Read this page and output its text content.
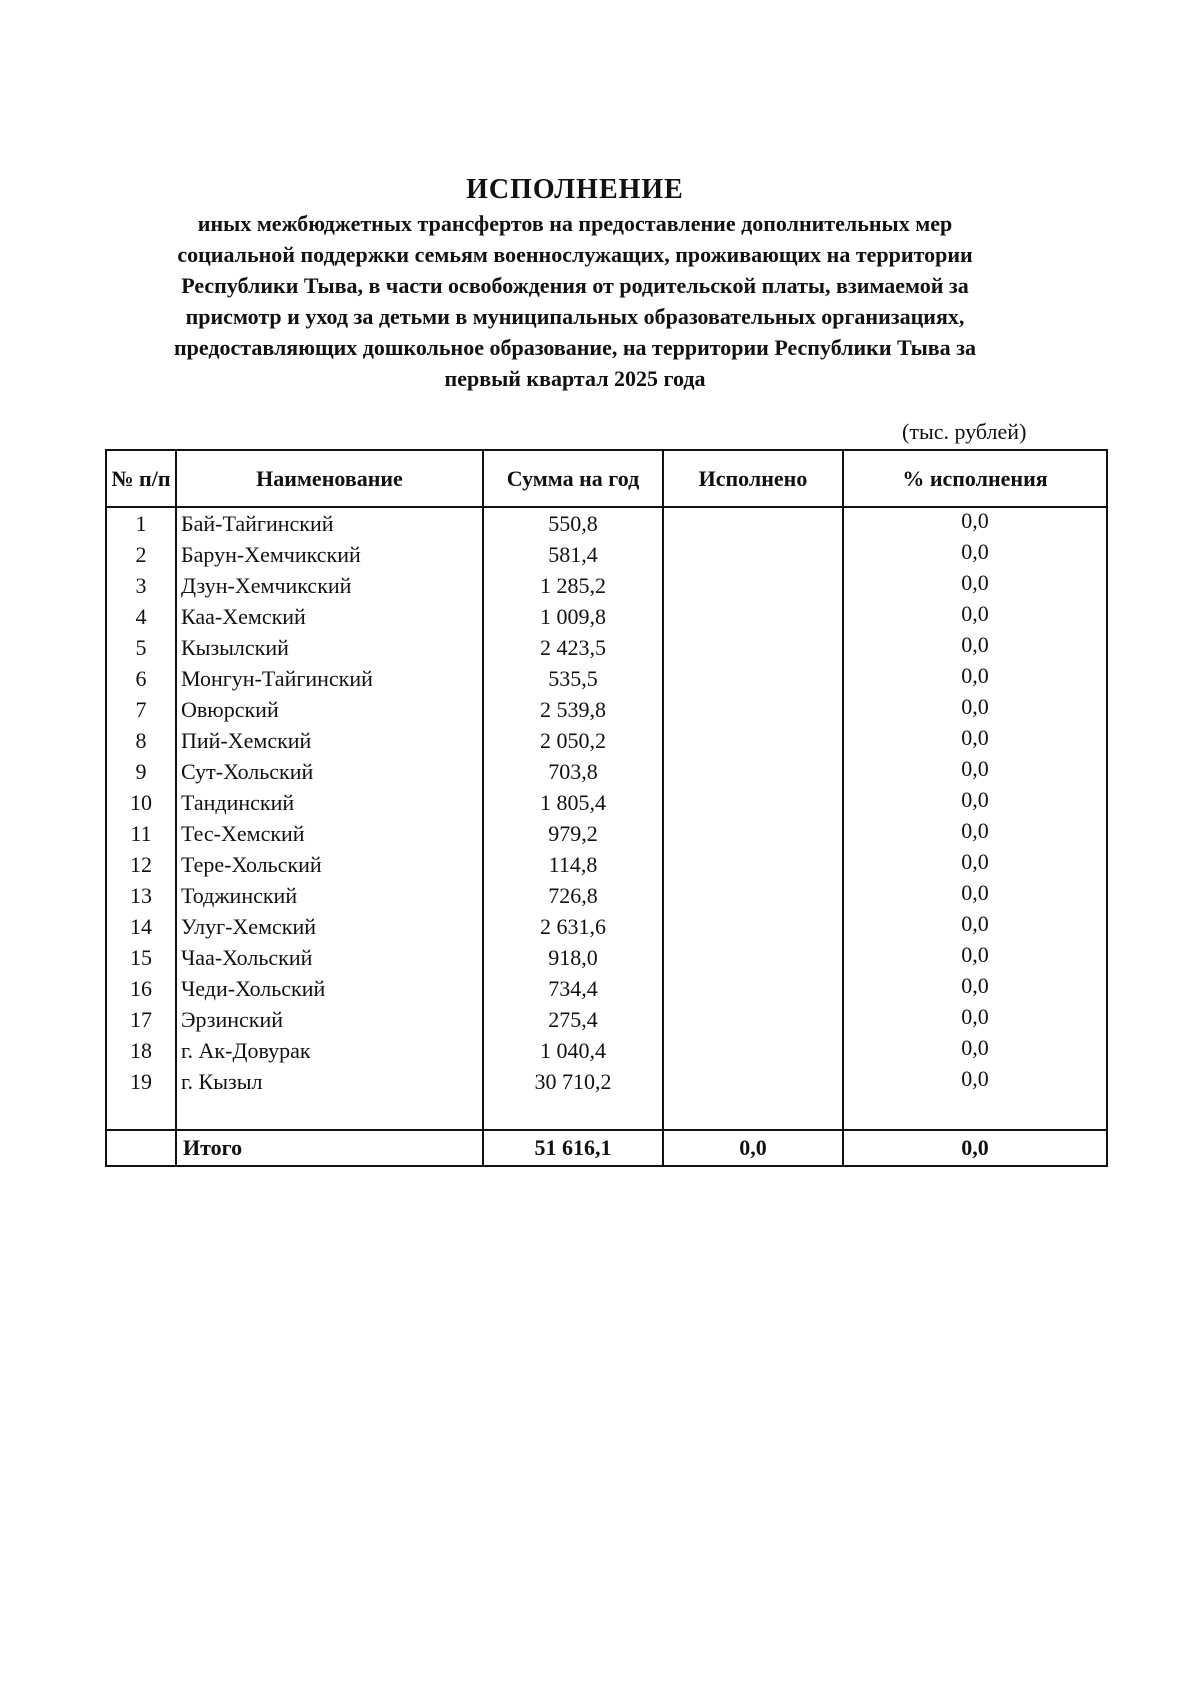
ИСПОЛНЕНИЕ
иных межбюджетных трансфертов на предоставление дополнительных мер
социальной поддержки семьям военнослужащих, проживающих на территории
Республики Тыва, в части освобождения от родительской платы, взимаемой за
присмотр и уход за детьми в муниципальных образовательных организациях,
предоставляющих дошкольное образование, на территории Республики Тыва за
первый квартал 2025 года
(тыс. рублей)
№ п/п	Наименование	Сумма на год	Исполнено	% исполнения
1	Бай-Тайгинский	550,8		0,0
2	Барун-Хемчикский	581,4		0,0
3	Дзун-Хемчикский	1 285,2		0,0
4	Каа-Хемский	1 009,8		0,0
5	Кызылский	2 423,5		0,0
6	Монгун-Тайгинский	535,5		0,0
7	Овюрский	2 539,8		0,0
8	Пий-Хемский	2 050,2		0,0
9	Сут-Хольский	703,8		0,0
10	Тандинский	1 805,4		0,0
11	Тес-Хемский	979,2		0,0
12	Тере-Хольский	114,8		0,0
13	Тоджинский	726,8		0,0
14	Улуг-Хемский	2 631,6		0,0
15	Чаа-Хольский	918,0		0,0
16	Чеди-Хольский	734,4		0,0
17	Эрзинский	275,4		0,0
18	г. Ак-Довурак	1 040,4		0,0
19	г. Кызыл	30 710,2		0,0

	Итого	51 616,1	0,0	0,0
